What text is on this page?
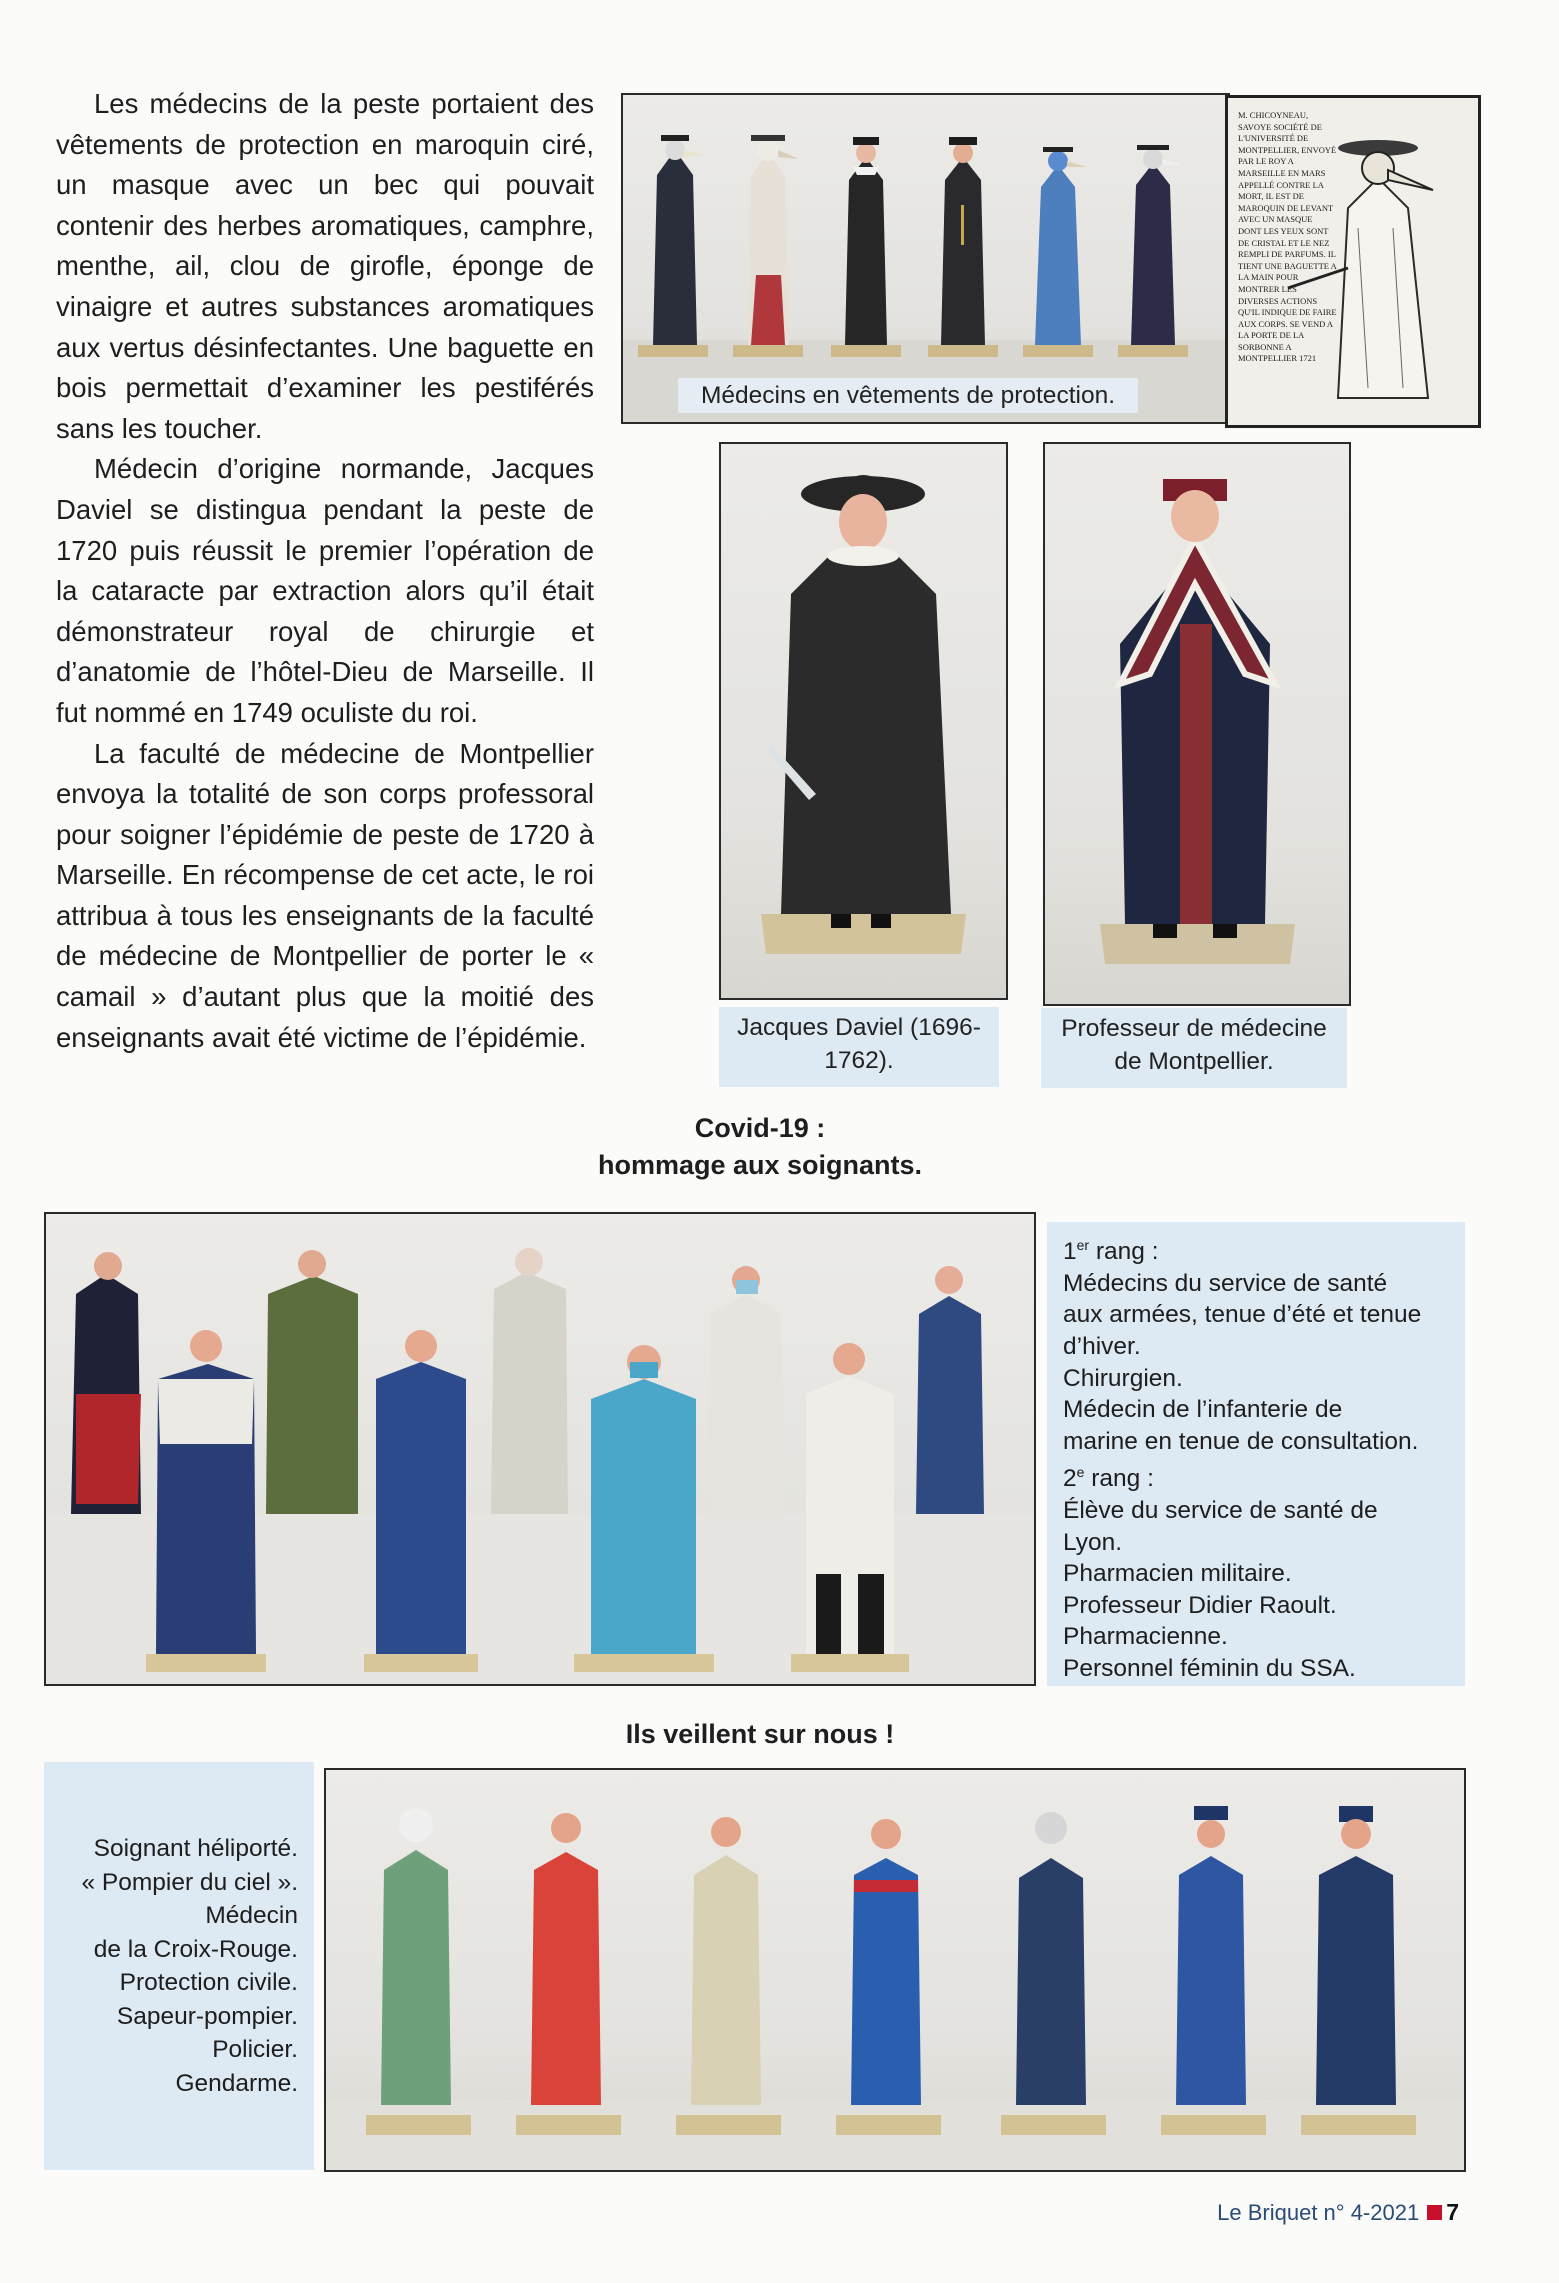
Les médecins de la peste portaient des vêtements de protection en maroquin ciré, un masque avec un bec qui pouvait contenir des herbes aromatiques, camphre, menthe, ail, clou de girofle, éponge de vinaigre et autres substances aromatiques aux vertus désinfectantes. Une baguette en bois permettait d’examiner les pestiférés sans les toucher.

Médecin d’origine normande, Jacques Daviel se distingua pendant la peste de 1720 puis réussit le premier l’opération de la cataracte par extraction alors qu’il était démonstrateur royal de chirurgie et d’anatomie de l’hôtel-Dieu de Marseille. Il fut nommé en 1749 oculiste du roi.

La faculté de médecine de Montpellier envoya la totalité de son corps professoral pour soigner l’épidémie de peste de 1720 à Marseille. En récompense de cet acte, le roi attribua à tous les enseignants de la faculté de médecine de Montpellier de porter le « camail » d’autant plus que la moitié des enseignants avait été victime de l’épidémie.

Médecins en vêtements de protection.
M. CHICOYNEAU, SAVOYE SOCIÉTÉ DE L'UNIVERSITÉ DE MONTPELLIER, ENVOYÉ PAR LE ROY A MARSEILLE EN MARS APPELLÉ CONTRE LA MORT, IL EST DE MAROQUIN DE LEVANT AVEC UN MASQUE DONT LES YEUX SONT DE CRISTAL ET LE NEZ REMPLI DE PARFUMS. IL TIENT UNE BAGUETTE A LA MAIN POUR MONTRER LES DIVERSES ACTIONS QU'IL INDIQUE DE FAIRE AUX CORPS. SE VEND A LA PORTE DE LA SORBONNE A MONTPELLIER 1721
Jacques Daviel (1696-
1762).
Professeur de médecine
de Montpellier.
Covid-19 :
hommage aux soignants.
1er rang :
Médecins du service de santé
aux armées, tenue d’été et tenue
d’hiver.
Chirurgien.
Médecin de l’infanterie de
marine en tenue de consultation.
2e rang :
Élève du service de santé de
Lyon.
Pharmacien militaire.
Professeur Didier Raoult.
Pharmacienne.
Personnel féminin du SSA.
Ils veillent sur nous !
Soignant héliporté.
« Pompier du ciel ».
Médecin
de la Croix-Rouge.
Protection civile.
Sapeur-pompier.
Policier.
Gendarme.
Le Briquet n° 4-2021 7
